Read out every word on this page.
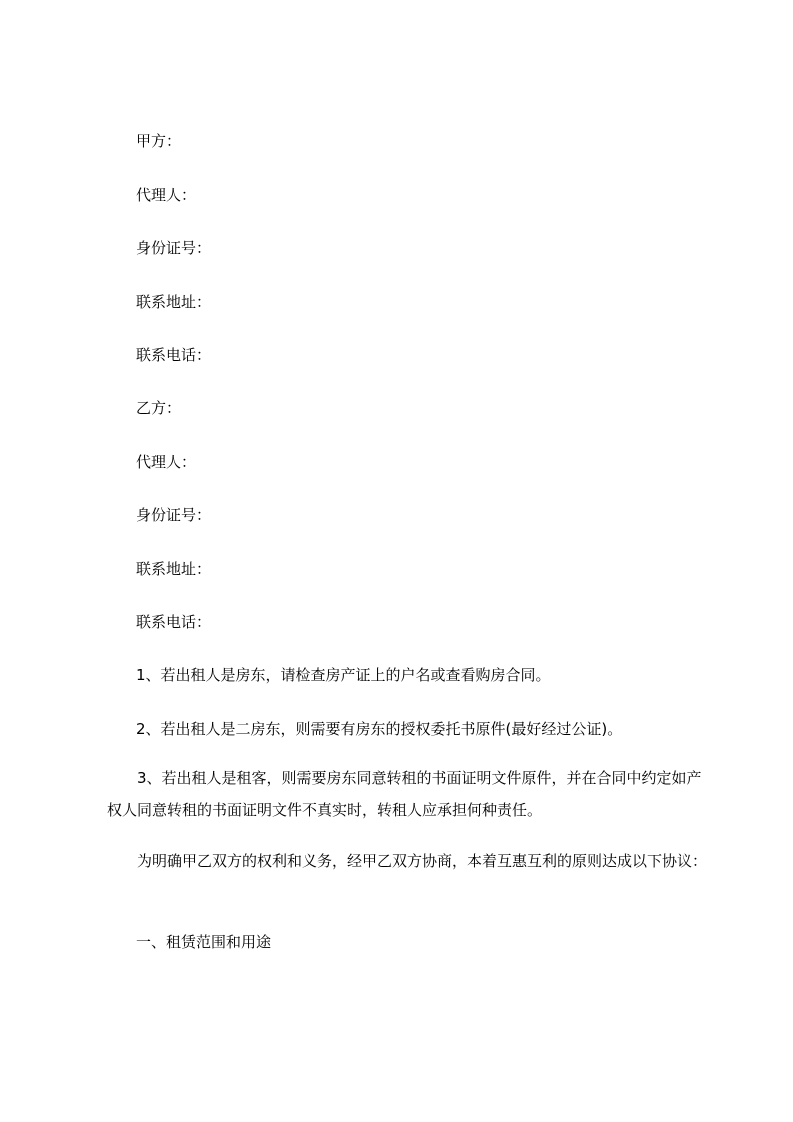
甲方：
代理人：
身份证号：
联系地址：
联系电话：
乙方：
代理人：
身份证号：
联系地址：
联系电话：
1、若出租人是房东，请检查房产证上的户名或查看购房合同。
2、若出租人是二房东，则需要有房东的授权委托书原件(最好经过公证)。
3、若出租人是租客，则需要房东同意转租的书面证明文件原件，并在合同中约定如产权人同意转租的书面证明文件不真实时，转租人应承担何种责任。
为明确甲乙双方的权利和义务，经甲乙双方协商，本着互惠互利的原则达成以下协议：
一、租赁范围和用途
